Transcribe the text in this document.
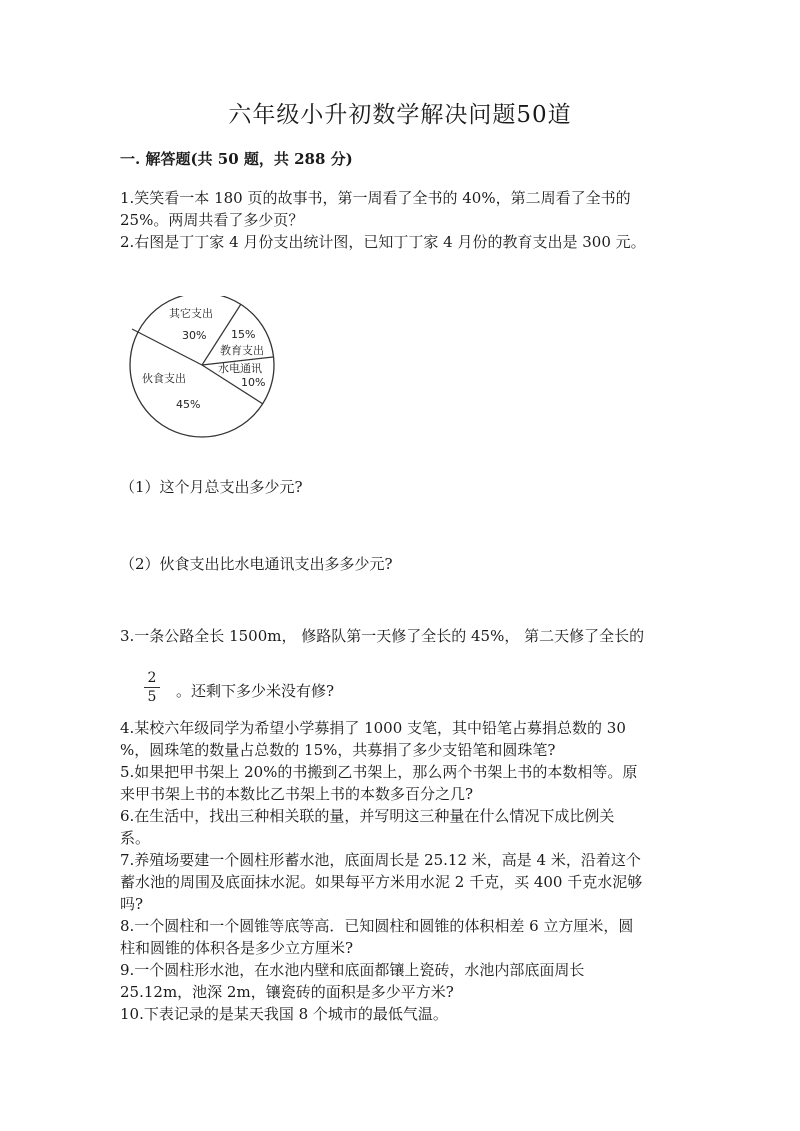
六年级小升初数学解决问题50道
一. 解答题(共 50 题，共 288 分)
1.笑笑看一本 180 页的故事书，第一周看了全书的 40%，第二周看了全书的
25%。两周共看了多少页？
2.右图是丁丁家 4 月份支出统计图，已知丁丁家 4 月份的教育支出是 300 元。
其它支出
30% 15%
教育支出
水电通讯
10%
伙食支出
45%
（1）这个月总支出多少元?
（2）伙食支出比水电通讯支出多多少元?
3.一条公路全长 1500m， 修路队第一天修了全长的 45%， 第二天修了全长的
2
5 。还剩下多少米没有修?
4.某校六年级同学为希望小学募捐了 1000 支笔，其中铅笔占募捐总数的 30
%，圆珠笔的数量占总数的 15%，共募捐了多少支铅笔和圆珠笔?
5.如果把甲书架上 20%的书搬到乙书架上，那么两个书架上书的本数相等。原
来甲书架上书的本数比乙书架上书的本数多百分之几?
6.在生活中，找出三种相关联的量，并写明这三种量在什么情况下成比例关
系。
7.养殖场要建一个圆柱形蓄水池，底面周长是 25.12 米，高是 4 米，沿着这个
蓄水池的周围及底面抹水泥。如果每平方米用水泥 2 千克，买 400 千克水泥够
吗?
8.一个圆柱和一个圆锥等底等高．已知圆柱和圆锥的体积相差 6 立方厘米，圆
柱和圆锥的体积各是多少立方厘米?
9.一个圆柱形水池，在水池内壁和底面都镶上瓷砖，水池内部底面周长
25.12m，池深 2m，镶瓷砖的面积是多少平方米?
10.下表记录的是某天我国 8 个城市的最低气温。
